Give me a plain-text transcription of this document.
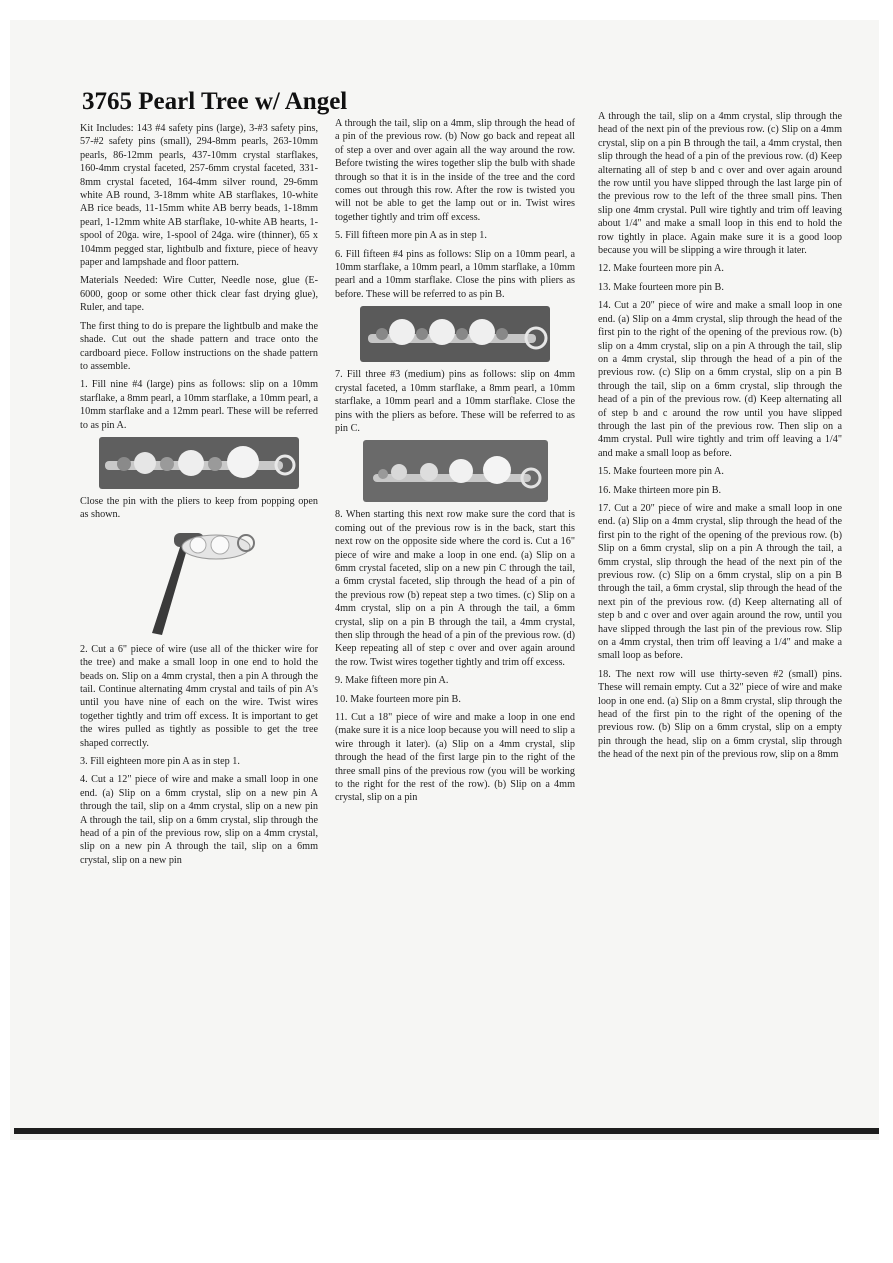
3765 Pearl Tree w/ Angel

Kit Includes: 143 #4 safety pins (large), 3-#3 safety pins, 57-#2 safety pins (small), 294-8mm pearls, 263-10mm pearls, 86-12mm pearls, 437-10mm crystal starflakes, 160-4mm crystal faceted, 257-6mm crystal faceted, 331-8mm crystal faceted, 164-4mm silver round, 29-6mm white AB round, 3-18mm white AB starflakes, 10-white AB rice beads, 11-15mm white AB berry beads, 1-18mm pearl, 1-12mm white AB starflake, 10-white AB hearts, 1-spool of 20ga. wire, 1-spool of 24ga. wire (thinner), 65 x 104mm pegged star, lightbulb and fixture, piece of heavy paper and lampshade and floor pattern.

Materials Needed: Wire Cutter, Needle nose, glue (E-6000, goop or some other thick clear fast drying glue), Ruler, and tape.

The first thing to do is prepare the lightbulb and make the shade. Cut out the shade pattern and trace onto the cardboard piece. Follow instructions on the shade pattern to assemble.

1. Fill nine #4 (large) pins as follows: slip on a 10mm starflake, a 8mm pearl, a 10mm starflake, a 10mm pearl, a 10mm starflake and a 12mm pearl. These will be referred to as pin A.

Close the pin with the pliers to keep from popping open as shown.

2. Cut a 6" piece of wire (use all of the thicker wire for the tree) and make a small loop in one end to hold the beads on. Slip on a 4mm crystal, then a pin A through the tail. Continue alternating 4mm crystal and tails of pin A's until you have nine of each on the wire. Twist wires together tightly and trim off excess. It is important to get the wires pulled as tightly as possible to get the tree shaped correctly.

3. Fill eighteen more pin A as in step 1.

4. Cut a 12" piece of wire and make a small loop in one end. (a) Slip on a 6mm crystal, slip on a new pin A through the tail, slip on a 4mm crystal, slip on a new pin A through the tail, slip on a 6mm crystal, slip through the head of a pin of the previous row, slip on a 4mm crystal, slip on a new pin A through the tail, slip on a 6mm crystal, slip on a new pin

A through the tail, slip on a 4mm, slip through the head of a pin of the previous row. (b) Now go back and repeat all of step a over and over again all the way around the row. Before twisting the wires together slip the bulb with shade through so that it is in the inside of the tree and the cord comes out through this row. After the row is twisted you will not be able to get the lamp out or in. Twist wires together tightly and trim off excess.

5. Fill fifteen more pin A as in step 1.

6. Fill fifteen #4 pins as follows: Slip on a 10mm pearl, a 10mm starflake, a 10mm pearl, a 10mm starflake, a 10mm pearl and a 10mm starflake. Close the pins with pliers as before. These will be referred to as pin B.

7. Fill three #3 (medium) pins as follows: slip on 4mm crystal faceted, a 10mm starflake, a 8mm pearl, a 10mm starflake, a 10mm pearl and a 10mm starflake. Close the pins with the pliers as before. These will be referred to as pin C.

8. When starting this next row make sure the cord that is coming out of the previous row is in the back, start this next row on the opposite side where the cord is. Cut a 16" piece of wire and make a loop in one end. (a) Slip on a 6mm crystal faceted, slip on a new pin C through the tail, a 6mm crystal faceted, slip through the head of a pin of the previous row (b) repeat step a two times. (c) Slip on a 4mm crystal, slip on a pin A through the tail, a 6mm crystal, slip on a pin B through the tail, a 4mm crystal, then slip through the head of a pin of the previous row. (d) Keep repeating all of step c over and over again around the row. Twist wires together tightly and trim off excess.

9. Make fifteen more pin A.

10. Make fourteen more pin B.

11. Cut a 18" piece of wire and make a loop in one end (make sure it is a nice loop because you will need to slip a wire through it later). (a) Slip on a 4mm crystal, slip through the head of the first large pin to the right of the three small pins of the previous row (you will be working to the right for the rest of the row). (b) Slip on a 4mm crystal, slip on a pin

A through the tail, slip on a 4mm crystal, slip through the head of the next pin of the previous row. (c) Slip on a 4mm crystal, slip on a pin B through the tail, a 4mm crystal, then slip through the head of a pin of the previous row. (d) Keep alternating all of step b and c over and over again around the row until you have slipped through the last large pin of the previous row to the left of the three small pins. Then slip one 4mm crystal. Pull wire tightly and trim off leaving about 1/4" and make a small loop in this end to hold the row tightly in place. Again make sure it is a good loop because you will be slipping a wire through it later.

12. Make fourteen more pin A.

13. Make fourteen more pin B.

14. Cut a 20" piece of wire and make a small loop in one end. (a) Slip on a 4mm crystal, slip through the head of the first pin to the right of the opening of the previous row. (b) slip on a 4mm crystal, slip on a pin A through the tail, slip on a 4mm crystal, slip through the head of a pin of the previous row. (c) Slip on a 6mm crystal, slip on a pin B through the tail, slip on a 6mm crystal, slip through the head of a pin of the previous row. (d) Keep alternating all of step b and c around the row until you have slipped through the last pin of the previous row. Then slip on a 4mm crystal. Pull wire tightly and trim off leaving a 1/4" and make a small loop as before.

15. Make fourteen more pin A.

16. Make thirteen more pin B.

17. Cut a 20" piece of wire and make a small loop in one end. (a) Slip on a 4mm crystal, slip through the head of the first pin to the right of the opening of the previous row. (b) Slip on a 6mm crystal, slip on a pin A through the tail, a 6mm crystal, slip through the head of the next pin of the previous row. (c) Slip on a 6mm crystal, slip on a pin B through the tail, a 6mm crystal, slip through the head of the next pin of the previous row. (d) Keep alternating all of step b and c over and over again around the row, until you have slipped through the last pin of the previous row. Slip on a 4mm crystal, then trim off leaving a 1/4" and make a small loop as before.

18. The next row will use thirty-seven #2 (small) pins. These will remain empty. Cut a 32" piece of wire and make loop in one end. (a) Slip on a 8mm crystal, slip through the head of the first pin to the right of the opening of the previous row. (b) Slip on a 6mm crystal, slip on a empty pin through the head, slip on a 6mm crystal, slip through the head of the next pin of the previous row, slip on a 8mm
